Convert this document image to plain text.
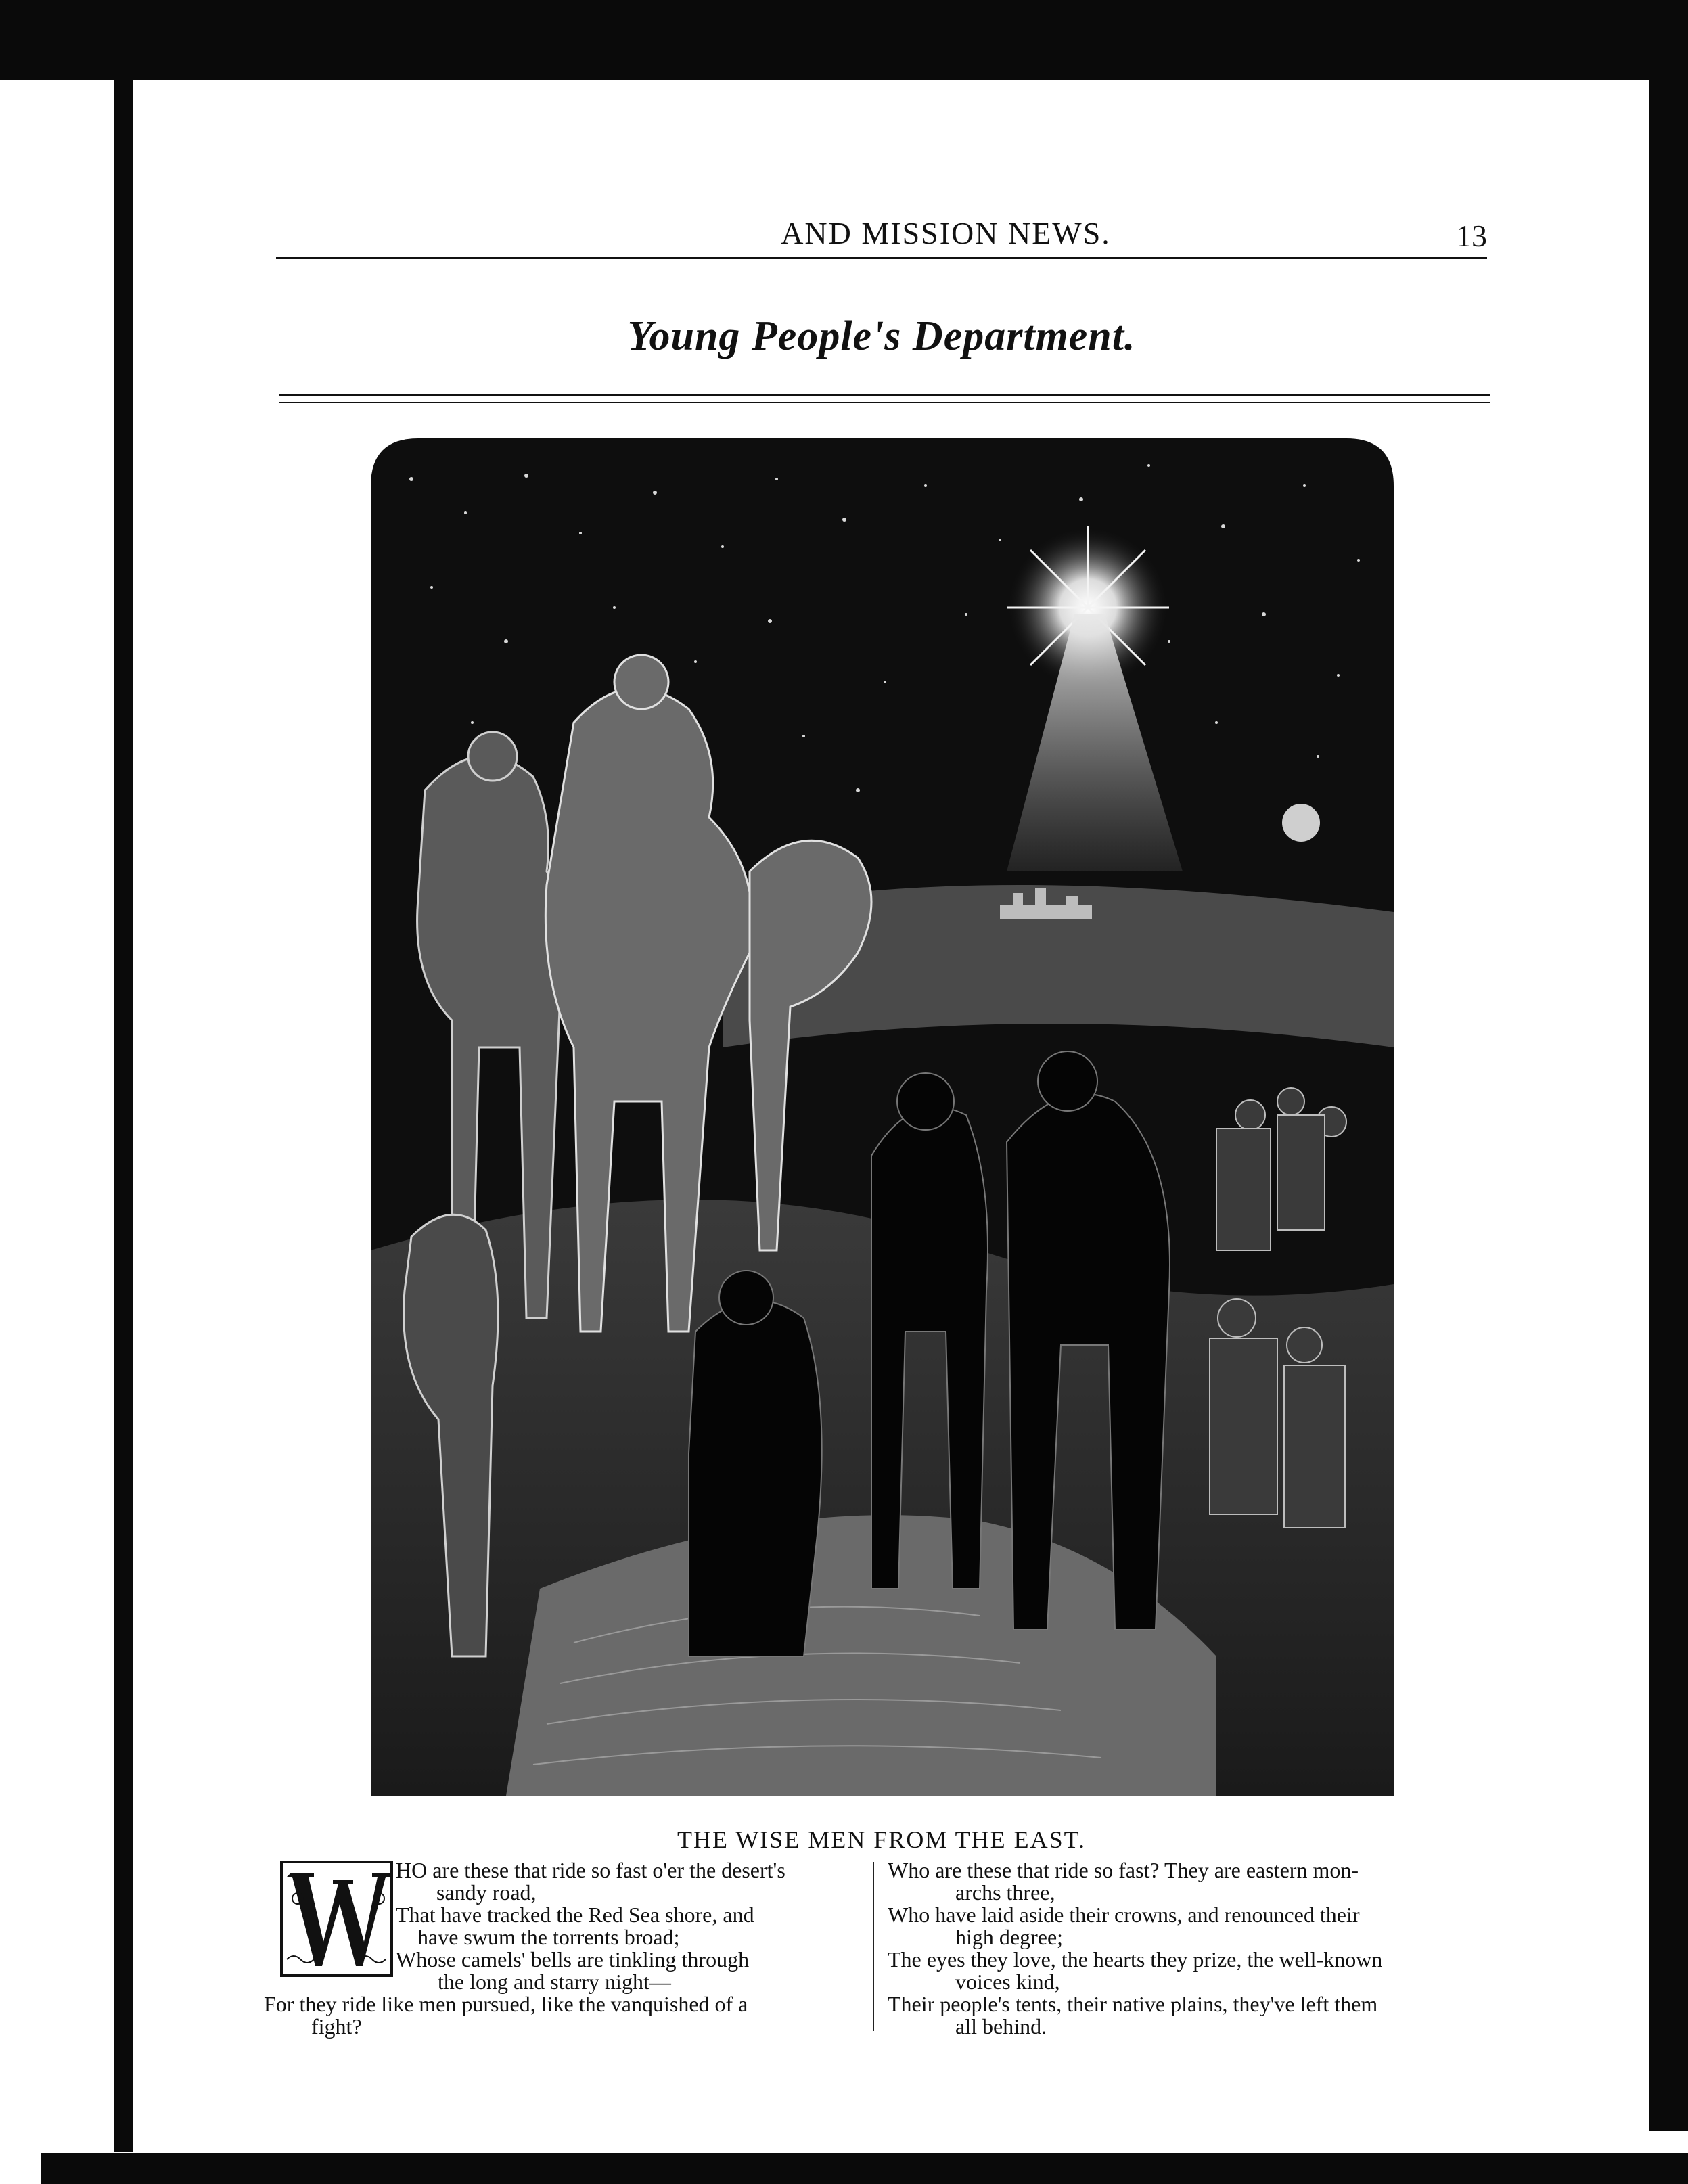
AND MISSION NEWS.	13
Young People's Department.
THE WISE MEN FROM THE EAST.
HO are these that ride so fast o'er the desert's
sandy road,
That have tracked the Red Sea shore, and
have swum the torrents broad;
Whose camels' bells are tinkling through
the long and starry night—
For they ride like men pursued, like the vanquished of a
fight?
Who are these that ride so fast? They are eastern mon-
archs three,
Who have laid aside their crowns, and renounced their
high degree;
The eyes they love, the hearts they prize, the well-known
voices kind,
Their people's tents, their native plains, they've left them
all behind.
